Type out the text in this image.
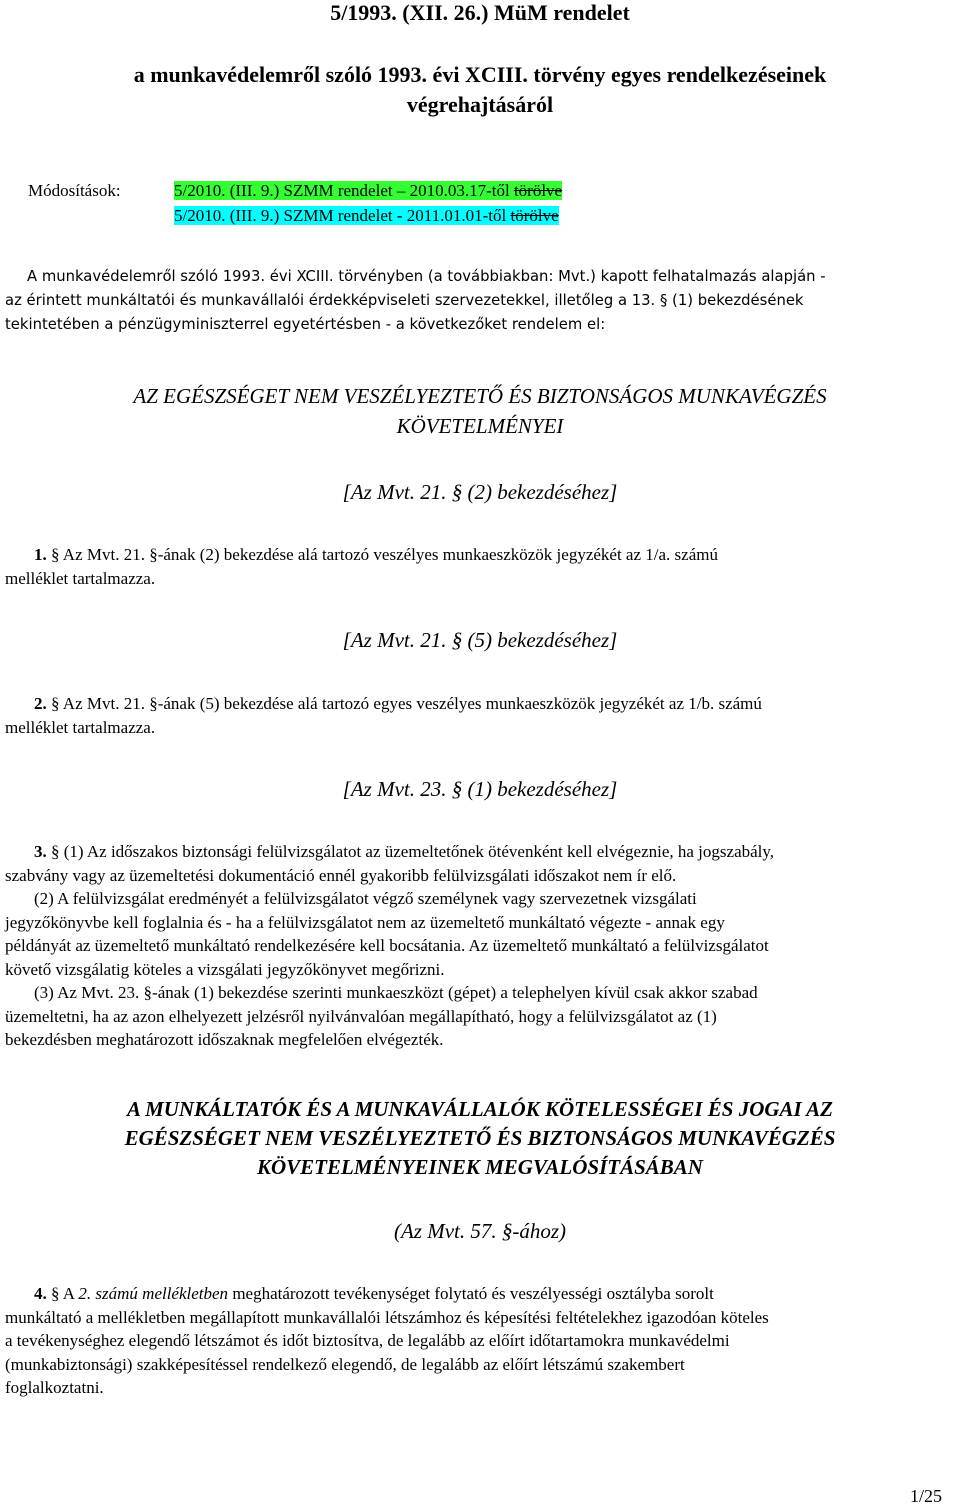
5/1993. (XII. 26.) MüM rendelet
a munkavédelemről szóló 1993. évi XCIII. törvény egyes rendelkezéseinek
végrehajtásáról
Módosítások:	5/2010. (III. 9.) SZMM rendelet – 2010.03.17-től törölve
5/2010. (III. 9.) SZMM rendelet - 2011.01.01-től törölve
A munkavédelemről szóló 1993. évi XCIII. törvényben (a továbbiakban: Mvt.) kapott felhatalmazás alapján -
az érintett munkáltatói és munkavállalói érdekképviseleti szervezetekkel, illetőleg a 13. § (1) bekezdésének
tekintetében a pénzügyminiszterrel egyetértésben - a következőket rendelem el:
AZ EGÉSZSÉGET NEM VESZÉLYEZTETŐ ÉS BIZTONSÁGOS MUNKAVÉGZÉS
KÖVETELMÉNYEI
[Az Mvt. 21. § (2) bekezdéséhez]

1. § Az Mvt. 21. §-ának (2) bekezdése alá tartozó veszélyes munkaeszközök jegyzékét az 1/a. számú

melléklet tartalmazza.

[Az Mvt. 21. § (5) bekezdéséhez]

2. § Az Mvt. 21. §-ának (5) bekezdése alá tartozó egyes veszélyes munkaeszközök jegyzékét az 1/b. számú

melléklet tartalmazza.

[Az Mvt. 23. § (1) bekezdéséhez]

3. § (1) Az időszakos biztonsági felülvizsgálatot az üzemeltetőnek ötévenként kell elvégeznie, ha jogszabály,

szabvány vagy az üzemeltetési dokumentáció ennél gyakoribb felülvizsgálati időszakot nem ír elő.

(2) A felülvizsgálat eredményét a felülvizsgálatot végző személynek vagy szervezetnek vizsgálati

jegyzőkönyvbe kell foglalnia és - ha a felülvizsgálatot nem az üzemeltető munkáltató végezte - annak egy

példányát az üzemeltető munkáltató rendelkezésére kell bocsátania. Az üzemeltető munkáltató a felülvizsgálatot

követő vizsgálatig köteles a vizsgálati jegyzőkönyvet megőrizni.

(3) Az Mvt. 23. §-ának (1) bekezdése szerinti munkaeszközt (gépet) a telephelyen kívül csak akkor szabad

üzemeltetni, ha az azon elhelyezett jelzésről nyilvánvalóan megállapítható, hogy a felülvizsgálatot az (1)

bekezdésben meghatározott időszaknak megfelelően elvégezték.

A MUNKÁLTATÓK ÉS A MUNKAVÁLLALÓK KÖTELESSÉGEI ÉS JOGAI AZ
EGÉSZSÉGET NEM VESZÉLYEZTETŐ ÉS BIZTONSÁGOS MUNKAVÉGZÉS
KÖVETELMÉNYEINEK MEGVALÓSÍTÁSÁBAN
(Az Mvt. 57. §-ához)

4. § A 2. számú mellékletben meghatározott tevékenységet folytató és veszélyességi osztályba sorolt

munkáltató a mellékletben megállapított munkavállalói létszámhoz és képesítési feltételekhez igazodóan köteles

a tevékenységhez elegendő létszámot és időt biztosítva, de legalább az előírt időtartamokra munkavédelmi

(munkabiztonsági) szakképesítéssel rendelkező elegendő, de legalább az előírt létszámú szakembert

foglalkoztatni.

1/25
